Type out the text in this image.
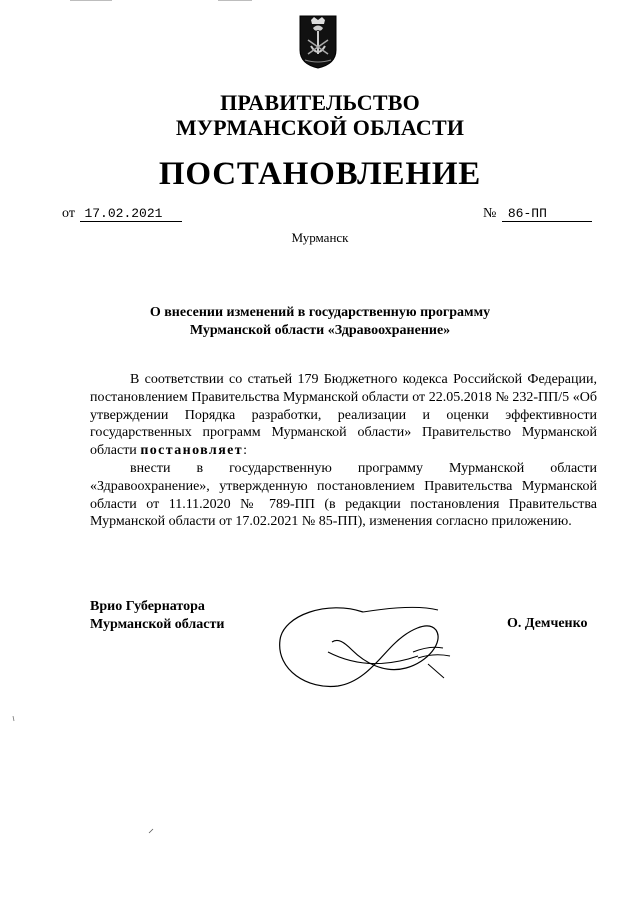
ПРАВИТЕЛЬСТВО
МУРМАНСКОЙ ОБЛАСТИ
ПОСТАНОВЛЕНИЕ
от 17.02.2021	№ 86-ПП
Мурманск
О внесении изменений в государственную программу
Мурманской области «Здравоохранение»

В соответствии со статьей 179 Бюджетного кодекса Российской Федерации, постановлением Правительства Мурманской области от 22.05.2018 № 232-ПП/5 «Об утверждении Порядка разработки, реализации и оценки эффективности государственных программ Мурманской области» Правительство Мурманской области постановляет:

внести в государственную программу Мурманской области «Здравоохранение», утвержденную постановлением Правительства Мурманской области от 11.11.2020 № 789-ПП (в редакции постановления Правительства Мурманской области от 17.02.2021 № 85-ПП), изменения согласно приложению.

Врио Губернатора
Мурманской области	О. Демченко
